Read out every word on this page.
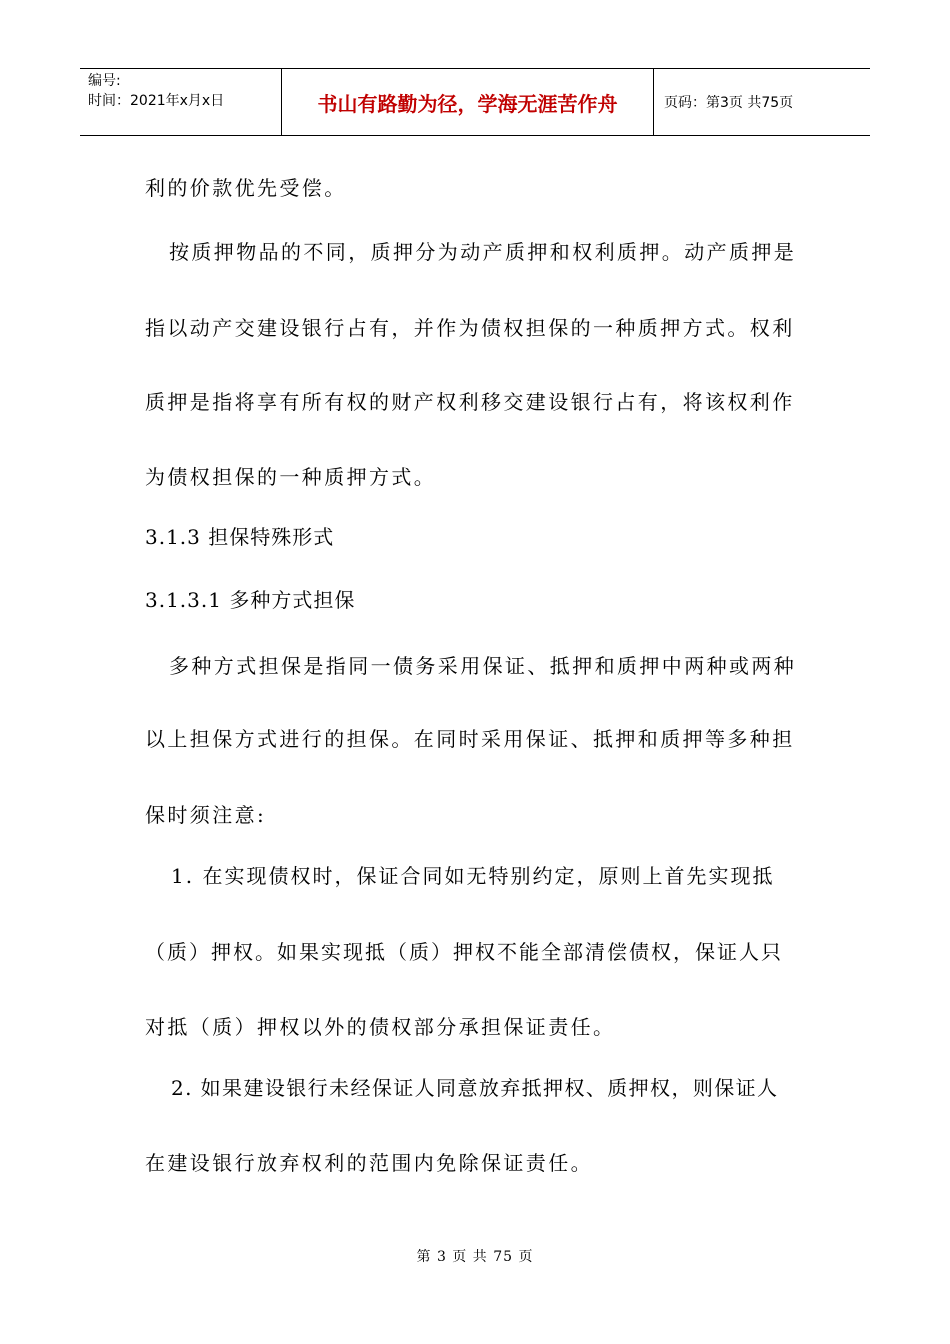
编号:
时间：2021年x月x日	书山有路勤为径，学海无涯苦作舟	页码：第3页 共75页
利的价款优先受偿。
按质押物品的不同，质押分为动产质押和权利质押。动产质押是
指以动产交建设银行占有，并作为债权担保的一种质押方式。权利
质押是指将享有所有权的财产权利移交建设银行占有，将该权利作
为债权担保的一种质押方式。
3.1.3 担保特殊形式
3.1.3.1 多种方式担保
多种方式担保是指同一债务采用保证、抵押和质押中两种或两种
以上担保方式进行的担保。在同时采用保证、抵押和质押等多种担
保时须注意:
1. 在实现债权时，保证合同如无特别约定，原则上首先实现抵
（质）押权。如果实现抵（质）押权不能全部清偿债权，保证人只
对抵（质）押权以外的债权部分承担保证责任。
2. 如果建设银行未经保证人同意放弃抵押权、质押权，则保证人
在建设银行放弃权利的范围内免除保证责任。
第 3 页 共 75 页
